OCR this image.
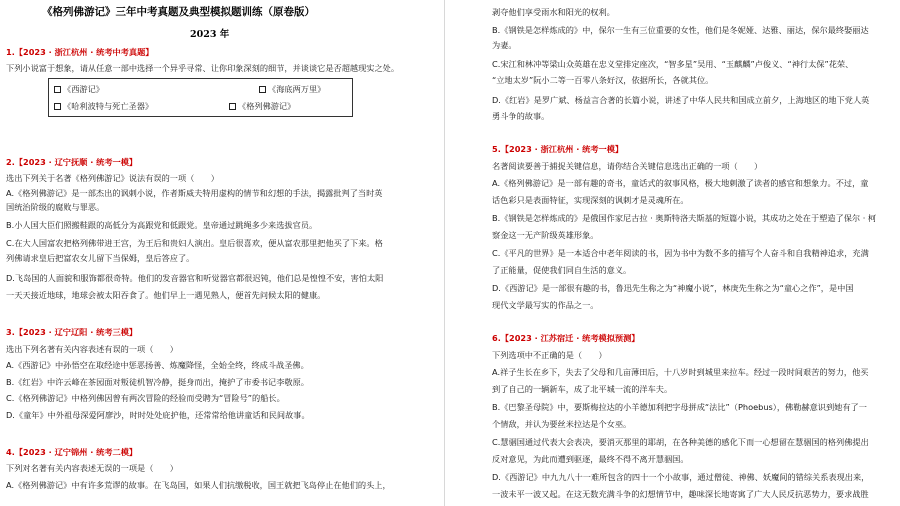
《格列佛游记》三年中考真题及典型模拟题训练（原卷版）
2023 年
1.【2023 · 浙江杭州 · 统考中考真题】
下列小说富于想象，请从任意一部中选择一个异乎寻常、让你印象深刻的细节，并谈谈它是否超越现实之处。
《西游记》	《海底两万里》
《哈利波特与死亡圣器》	《格列佛游记》
2.【2023 · 辽宁抚顺 · 统考一模】
选出下列关于名著《格列佛游记》说法有误的一项（　　）
A.《格列佛游记》是一部杰出的讽刺小说，作者斯威夫特用虚构的情节和幻想的手法，揭露批判了当时英
国统治阶级的腐败与罪恶。
B.小人国大臣们照搬鞋跟的高低分为高跟党和低跟党。皇帝通过跳绳多少来选拔官员。
C.在大人国富农把格列佛带进王宫，为王后和贵妇人演出。皇后很喜欢，便从富农那里把他买了下来。格
列佛请求皇后把富农女儿留下当保姆，皇后答应了。
D.飞岛国的人面貌和服饰都很奇特。他们的发音器官和听觉器官都很迟钝，他们总是惶惶不安，害怕太阳
一天天接近地球，地球会被太阳吞食了。他们早上一遇见熟人，便首先问候太阳的健康。
3.【2023 · 辽宁辽阳 · 统考三模】
选出下列名著有关内容表述有误的一项（　　）
A.《西游记》中孙悟空在取经途中惩恶扬善、炼魔降怪，全始全终，终成斗战圣佛。
B.《红岩》中许云峰在茶园面对叛徒机智冷静，挺身而出，掩护了市委书记李敬原。
C.《格列佛游记》中格列佛因曾有两次冒险的经验而受聘为“冒险号”的船长。
D.《童年》中外祖母深爱阿廖沙，时时处处庇护他，还常常给他讲童话和民间故事。
4.【2023 · 辽宁锦州 · 统考二模】
下列对名著有关内容表述无误的一项是（　　）
A.《格列佛游记》中有许多荒谬的故事。在飞岛国，如果人们抗缴税收，国王就把飞岛停止在他们的头上，
剥夺他们享受雨水和阳光的权利。
B.《钢铁是怎样炼成的》中，保尔一生有三位重要的女性，他们是冬妮娅、达雅、丽达，保尔最终娶丽达
为妻。
C.宋江和林冲等梁山众英雄在忠义堂排定座次，“智多星”吴用、“玉麒麟”卢俊义、“神行太保”花荣、
“立地太岁”阮小二等一百零八条好汉，依据所长，各就其位。
D.《红岩》是罗广斌、杨益言合著的长篇小说，讲述了中华人民共和国成立前夕，上海地区的地下党人英
勇斗争的故事。
5.【2023 · 浙江杭州 · 统考一模】
名著阅读要善于捕捉关键信息，请你结合关键信息选出正确的一项（　　）
A.《格列佛游记》是一部有趣的奇书，童话式的叙事风格，极大地刺激了读者的感官和想象力。不过，童
话色彩只是表面特征，实现深刻的讽刺才是灵魂所在。
B.《钢铁是怎样炼成的》是俄国作家尼古拉 · 奥斯特洛夫斯基的短篇小说，其成功之处在于塑造了保尔 · 柯
察金这一无产阶级英雄形象。
C.《平凡的世界》是一本适合中老年阅读的书，因为书中为数不多的描写个人奋斗和自我精神追求，充满
了正能量，促使我们同自生活的意义。
D.《西游记》是一部很有趣的书，鲁迅先生称之为“神魔小说”，林庚先生称之为“童心之作”，是中国
现代文学最写实的作品之一。
6.【2023 · 江苏宿迁 · 统考模拟预测】
下列选项中不正确的是（　　）
A.祥子生长在乡下，失去了父母和几亩薄田后，十八岁时到城里来拉车。经过一段时间艰苦的努力，他买
到了自己的一辆新车，成了北平城一流的洋车夫。
B.《巴黎圣母院》中，要斯梅拉达的小羊德加利把字母拼成“法比”（Phoebus），佛勒赫意识到她有了一
个情敌，并认为要丝米拉达是个女巫。
C.慧骃国通过代表大会表决，要消灭那里的耶胡，在各种美德的感化下而一心想留在慧骃国的格列佛提出
反对意见，为此而遭到驱逐，最终不得不离开慧骃国。
D.《西游记》中九九八十一难所包含的四十一个小故事，通过僧徒、神佛、妖魔间的错综关系表现出来，
一波未平一波又起。在这无数充满斗争的幻想情节中，趣味深长地寄寓了广大人民反抗恶势力，要求战胜
